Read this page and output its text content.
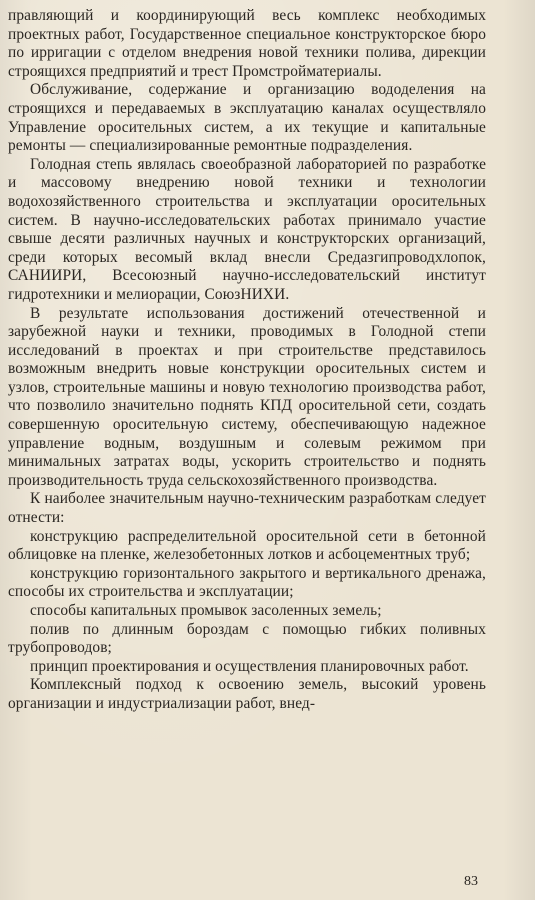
правляющий и координирующий весь комплекс необходимых проектных работ, Государственное специальное конструкторское бюро по ирригации с отделом внедрения новой техники полива, дирекции строящихся предприятий и трест Промстройматериалы.

Обслуживание, содержание и организацию вододеления на строящихся и передаваемых в эксплуатацию каналах осуществляло Управление оросительных систем, а их текущие и капитальные ремонты — специализированные ремонтные подразделения.

Голодная степь являлась своеобразной лабораторией по разработке и массовому внедрению новой техники и технологии водохозяйственного строительства и эксплуатации оросительных систем. В научно-исследовательских работах принимало участие свыше десяти различных научных и конструкторских организаций, среди которых весомый вклад внесли Средазгипроводхлопок, САНИИРИ, Всесоюзный научно-исследовательский институт гидротехники и мелиорации, СоюзНИХИ.

В результате использования достижений отечественной и зарубежной науки и техники, проводимых в Голодной степи исследований в проектах и при строительстве представилось возможным внедрить новые конструкции оросительных систем и узлов, строительные машины и новую технологию производства работ, что позволило значительно поднять КПД оросительной сети, создать совершенную оросительную систему, обеспечивающую надежное управление водным, воздушным и солевым режимом при минимальных затратах воды, ускорить строительство и поднять производительность труда сельскохозяйственного производства.

К наиболее значительным научно-техническим разработкам следует отнести:

конструкцию распределительной оросительной сети в бетонной облицовке на пленке, железобетонных лотков и асбоцементных труб;

конструкцию горизонтального закрытого и вертикального дренажа, способы их строительства и эксплуатации;

способы капитальных промывок засоленных земель;

полив по длинным бороздам с помощью гибких поливных трубопроводов;

принцип проектирования и осуществления планировочных работ.

Комплексный подход к освоению земель, высокий уровень организации и индустриализации работ, внед-

83
